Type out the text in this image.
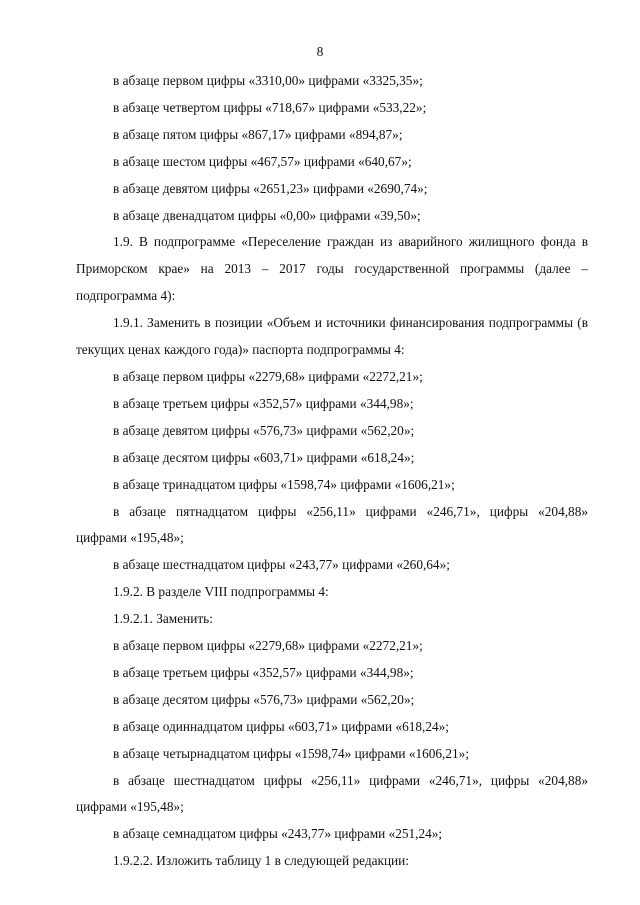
8

в абзаце первом цифры «3310,00» цифрами «3325,35»;

в абзаце четвертом цифры «718,67» цифрами «533,22»;

в абзаце пятом цифры «867,17» цифрами «894,87»;

в абзаце шестом цифры «467,57» цифрами «640,67»;

в абзаце девятом цифры «2651,23» цифрами «2690,74»;

в абзаце двенадцатом цифры «0,00» цифрами «39,50»;

1.9. В подпрограмме «Переселение граждан из аварийного жилищного фонда в Приморском крае» на 2013 – 2017 годы государственной программы (далее – подпрограмма 4):

1.9.1. Заменить в позиции «Объем и источники финансирования подпрограммы (в текущих ценах каждого года)» паспорта подпрограммы 4:

в абзаце первом цифры «2279,68» цифрами «2272,21»;

в абзаце третьем цифры «352,57» цифрами «344,98»;

в абзаце девятом цифры «576,73» цифрами «562,20»;

в абзаце десятом цифры «603,71» цифрами «618,24»;

в абзаце тринадцатом цифры «1598,74» цифрами «1606,21»;

в абзаце пятнадцатом цифры «256,11» цифрами «246,71», цифры «204,88» цифрами «195,48»;

в абзаце шестнадцатом цифры «243,77» цифрами «260,64»;

1.9.2. В разделе VIII подпрограммы 4:

1.9.2.1. Заменить:

в абзаце первом цифры «2279,68» цифрами «2272,21»;

в абзаце третьем цифры «352,57» цифрами «344,98»;

в абзаце десятом цифры «576,73» цифрами «562,20»;

в абзаце одиннадцатом цифры «603,71» цифрами «618,24»;

в абзаце четырнадцатом цифры «1598,74» цифрами «1606,21»;

в абзаце шестнадцатом цифры «256,11» цифрами «246,71», цифры «204,88» цифрами «195,48»;

в абзаце семнадцатом цифры «243,77» цифрами «251,24»;

1.9.2.2. Изложить таблицу 1 в следующей редакции:
